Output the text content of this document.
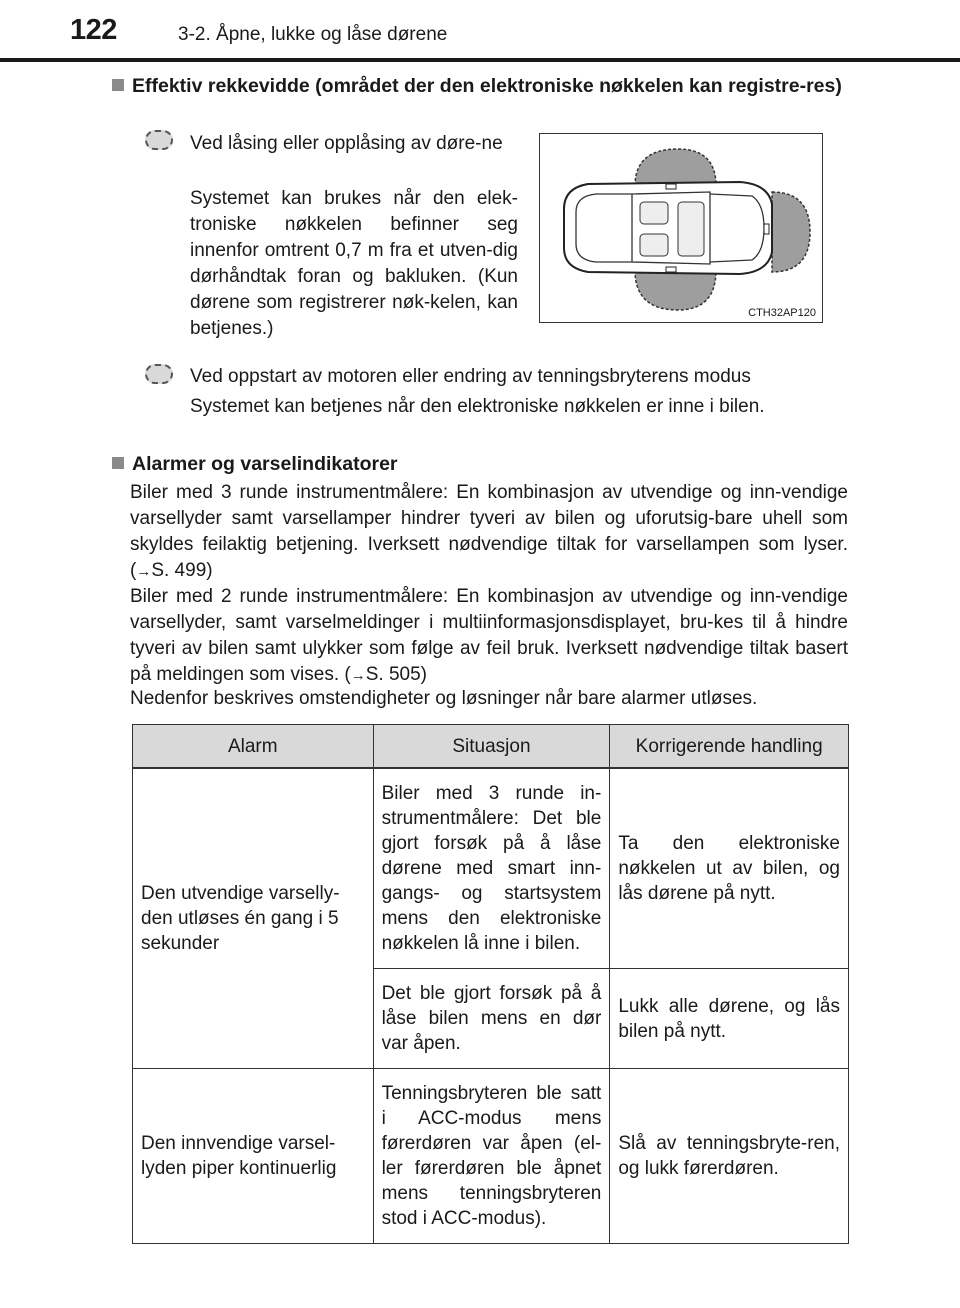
122	3-2. Åpne, lukke og låse dørene
Effektiv rekkevidde (området der den elektroniske nøkkelen kan registre-res)
Ved låsing eller opplåsing av døre-ne
Systemet kan brukes når den elek-troniske nøkkelen befinner seg innenfor omtrent 0,7 m fra et utven-dig dørhåndtak foran og bakluken. (Kun dørene som registrerer nøk-kelen, kan betjenes.)
CTH32AP120
Ved oppstart av motoren eller endring av tenningsbryterens modus
Systemet kan betjenes når den elektroniske nøkkelen er inne i bilen.
Alarmer og varselindikatorer
Biler med 3 runde instrumentmålere: En kombinasjon av utvendige og inn-vendige varsellyder samt varsellamper hindrer tyveri av bilen og uforutsig-bare uhell som skyldes feilaktig betjening. Iverksett nødvendige tiltak for varsellampen som lyser. (→S. 499)
Biler med 2 runde instrumentmålere: En kombinasjon av utvendige og inn-vendige varsellyder, samt varselmeldinger i multiinformasjonsdisplayet, bru-kes til å hindre tyveri av bilen samt ulykker som følge av feil bruk. Iverksett nødvendige tiltak basert på meldingen som vises. (→S. 505)
Nedenfor beskrives omstendigheter og løsninger når bare alarmer utløses.
Alarm	Situasjon	Korrigerende handling
Den utvendige varselly-den utløses én gang i 5 sekunder	Biler med 3 runde in-strumentmålere: Det ble gjort forsøk på å låse dørene med smart inn-gangs- og startsystem mens den elektroniske nøkkelen lå inne i bilen.	Ta den elektroniske nøkkelen ut av bilen, og lås dørene på nytt.
	Det ble gjort forsøk på å låse bilen mens en dør var åpen.	Lukk alle dørene, og lås bilen på nytt.
Den innvendige varsel-lyden piper kontinuerlig	Tenningsbryteren ble satt i ACC-modus mens førerdøren var åpen (el-ler førerdøren ble åpnet mens tenningsbryteren stod i ACC-modus).	Slå av tenningsbryte-ren, og lukk førerdøren.
